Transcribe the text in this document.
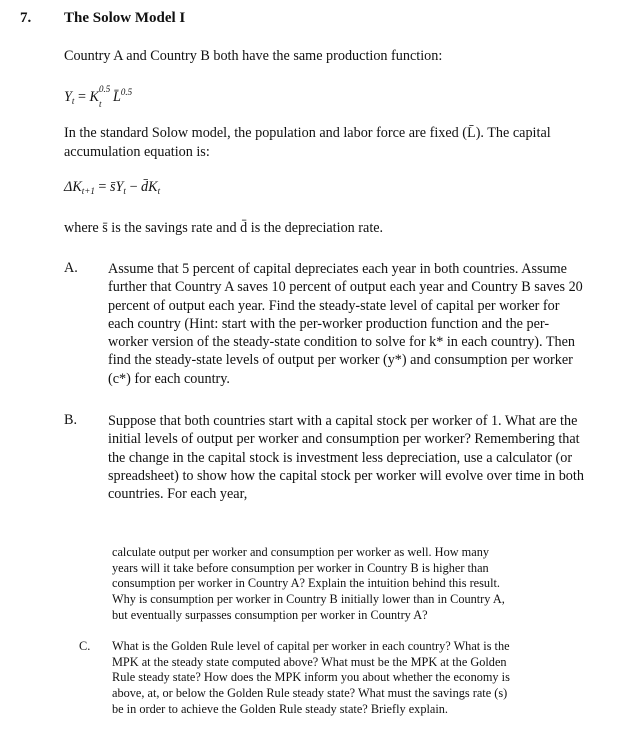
7. The Solow Model I
Country A and Country B both have the same production function:
$Y_t = K$ 0.5
t L̄$^{0.5}$
In the standard Solow model, the population and labor force are fixed (L̄). The capital accumulation equation is:
$\Delta K_{t+1}$ = $s̄Y_t$ − $d̄K_t$
where s̄ is the savings rate and d̄ is the depreciation rate.
A. Assume that 5 percent of capital depreciates each year in both countries. Assume further that Country A saves 10 percent of output each year and Country B saves 20 percent of output each year. Find the steady-state level of capital per worker for each country (Hint: start with the per-worker production function and the per-worker version of the steady-state condition to solve for k* in each country). Then find the steady-state levels of output per worker (y*) and consumption per worker (c*) for each country.
B. Suppose that both countries start with a capital stock per worker of 1. What are the initial levels of output per worker and consumption per worker? Remembering that the change in the capital stock is investment less depreciation, use a calculator (or spreadsheet) to show how the capital stock per worker will evolve over time in both countries. For each year,
calculate output per worker and consumption per worker as well. How many years will it take before consumption per worker in Country B is higher than consumption per worker in Country A? Explain the intuition behind this result. Why is consumption per worker in Country B initially lower than in Country A, but eventually surpasses consumption per worker in Country A?
C. What is the Golden Rule level of capital per worker in each country? What is the MPK at the steady state computed above? What must be the MPK at the Golden Rule steady state? How does the MPK inform you about whether the economy is above, at, or below the Golden Rule steady state? What must the savings rate (s) be in order to achieve the Golden Rule steady state? Briefly explain.
